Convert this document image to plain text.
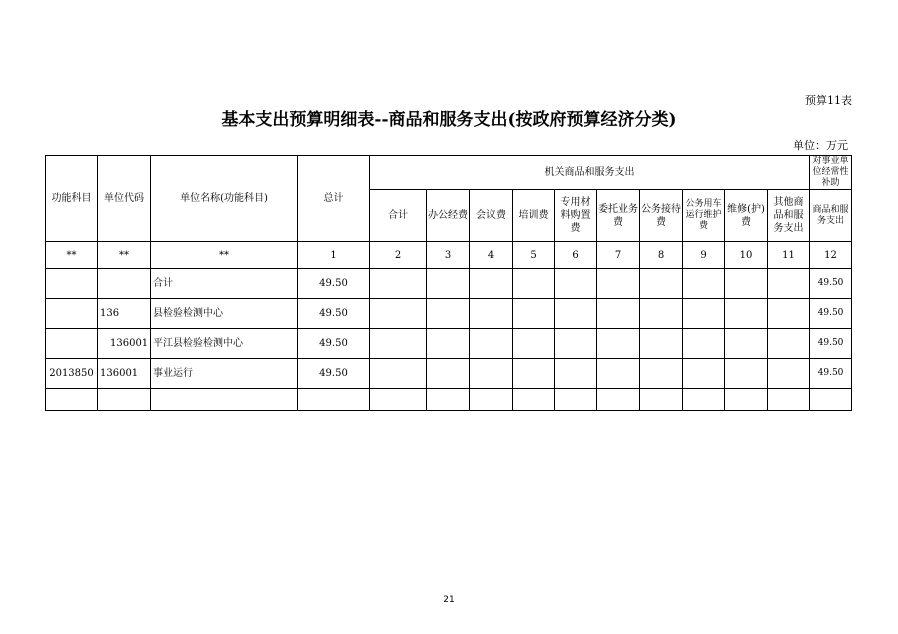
预算11表
基本支出预算明细表--商品和服务支出(按政府预算经济分类)
单位：万元
功能科目	单位代码	单位名称(功能科目)	总计	机关商品和服务支出										对事业单位经常性补助
				合计	办公经费	会议费	培训费	专用材料购置费	委托业务费	公务接待费	公务用车运行维护费	维修(护)费	其他商品和服务支出	商品和服务支出
**	**	**	1	2	3	4	5	6	7	8	9	10	11	12
		合计	49.50											49.50
	136	县检验检测中心	49.50											49.50
	136001	平江县检验检测中心	49.50											49.50
2013850	136001	事业运行	49.50											49.50

21
